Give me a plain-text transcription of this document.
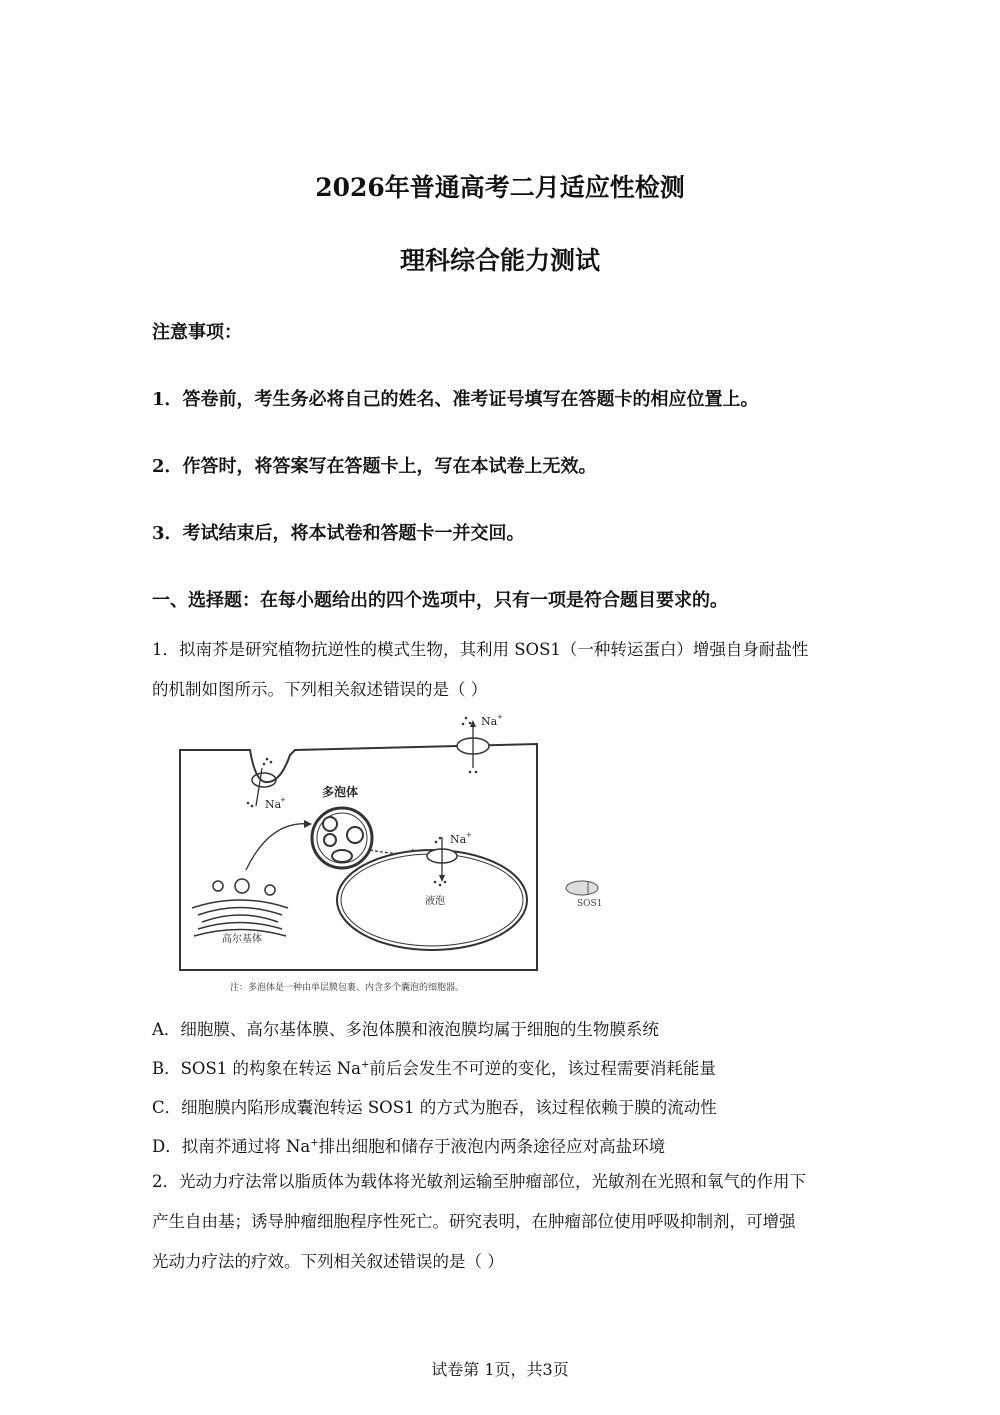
2026年普通高考二月适应性检测
理科综合能力测试
注意事项：
1．答卷前，考生务必将自己的姓名、准考证号填写在答题卡的相应位置上。
2．作答时，将答案写在答题卡上，写在本试卷上无效。
3．考试结束后，将本试卷和答题卡一并交回。
一、选择题：在每小题给出的四个选项中，只有一项是符合题目要求的。
1．拟南芥是研究植物抗逆性的模式生物，其利用 SOS1（一种转运蛋白）增强自身耐盐性
的机制如图所示。下列相关叙述错误的是（ ）
Na
+
Na +
多泡体
Na +
液泡
高尔基体
SOS1
注：多泡体是一种由单层膜包裹、内含多个囊泡的细胞器。
A．细胞膜、高尔基体膜、多泡体膜和液泡膜均属于细胞的生物膜系统
B．SOS1 的构象在转运 Na+前后会发生不可逆的变化，该过程需要消耗能量
C．细胞膜内陷形成囊泡转运 SOS1 的方式为胞吞，该过程依赖于膜的流动性
D．拟南芥通过将 Na+排出细胞和储存于液泡内两条途径应对高盐环境
2．光动力疗法常以脂质体为载体将光敏剂运输至肿瘤部位，光敏剂在光照和氧气的作用下
产生自由基；诱导肿瘤细胞程序性死亡。研究表明，在肿瘤部位使用呼吸抑制剂，可增强
光动力疗法的疗效。下列相关叙述错误的是（ ）
试卷第 1页，共3页
